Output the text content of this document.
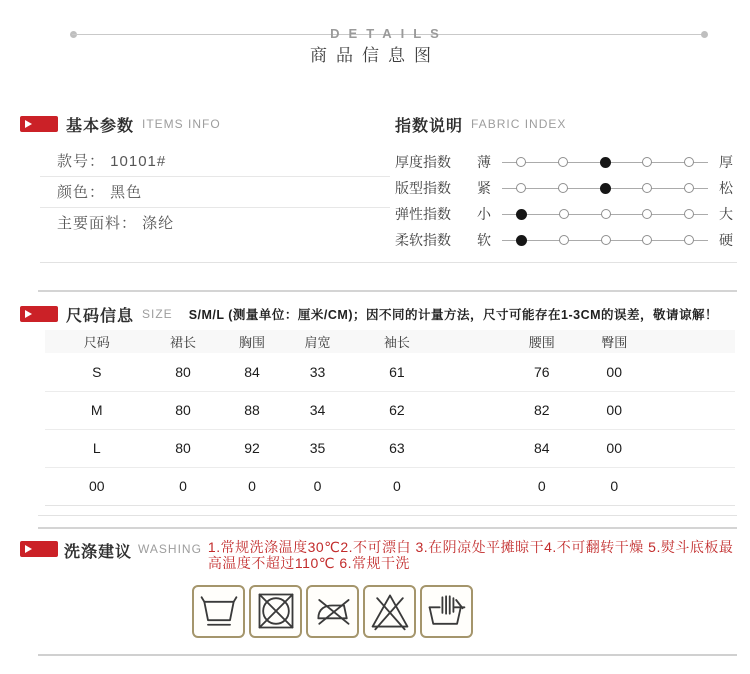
DETAILS
商品信息图
基本参数 ITEMS INFO
款号： 10101#
颜色： 黑色
主要面料： 涤纶
指数说明 FABRIC INDEX
厚度指数	薄	厚
版型指数	紧	松
弹性指数	小	大
柔软指数	软	硬
尺码信息 SIZE S/M/L (测量单位：厘米/CM)；因不同的计量方法，尺寸可能存在1-3CM的误差，敬请谅解！
尺码	裙长	胸围	肩宽	袖长		腰围	臀围	
S	80	84	33	61		76	00	
M	80	88	34	62		82	00	
L	80	92	35	63		84	00	
00	0	0	0	0		0	0	
洗涤建议 WASHING 1.常规洗涤温度30℃2.不可漂白 3.在阴凉处平摊晾干4.不可翻转干燥 5.熨斗底板最高温度不超过110℃ 6.常规干洗
